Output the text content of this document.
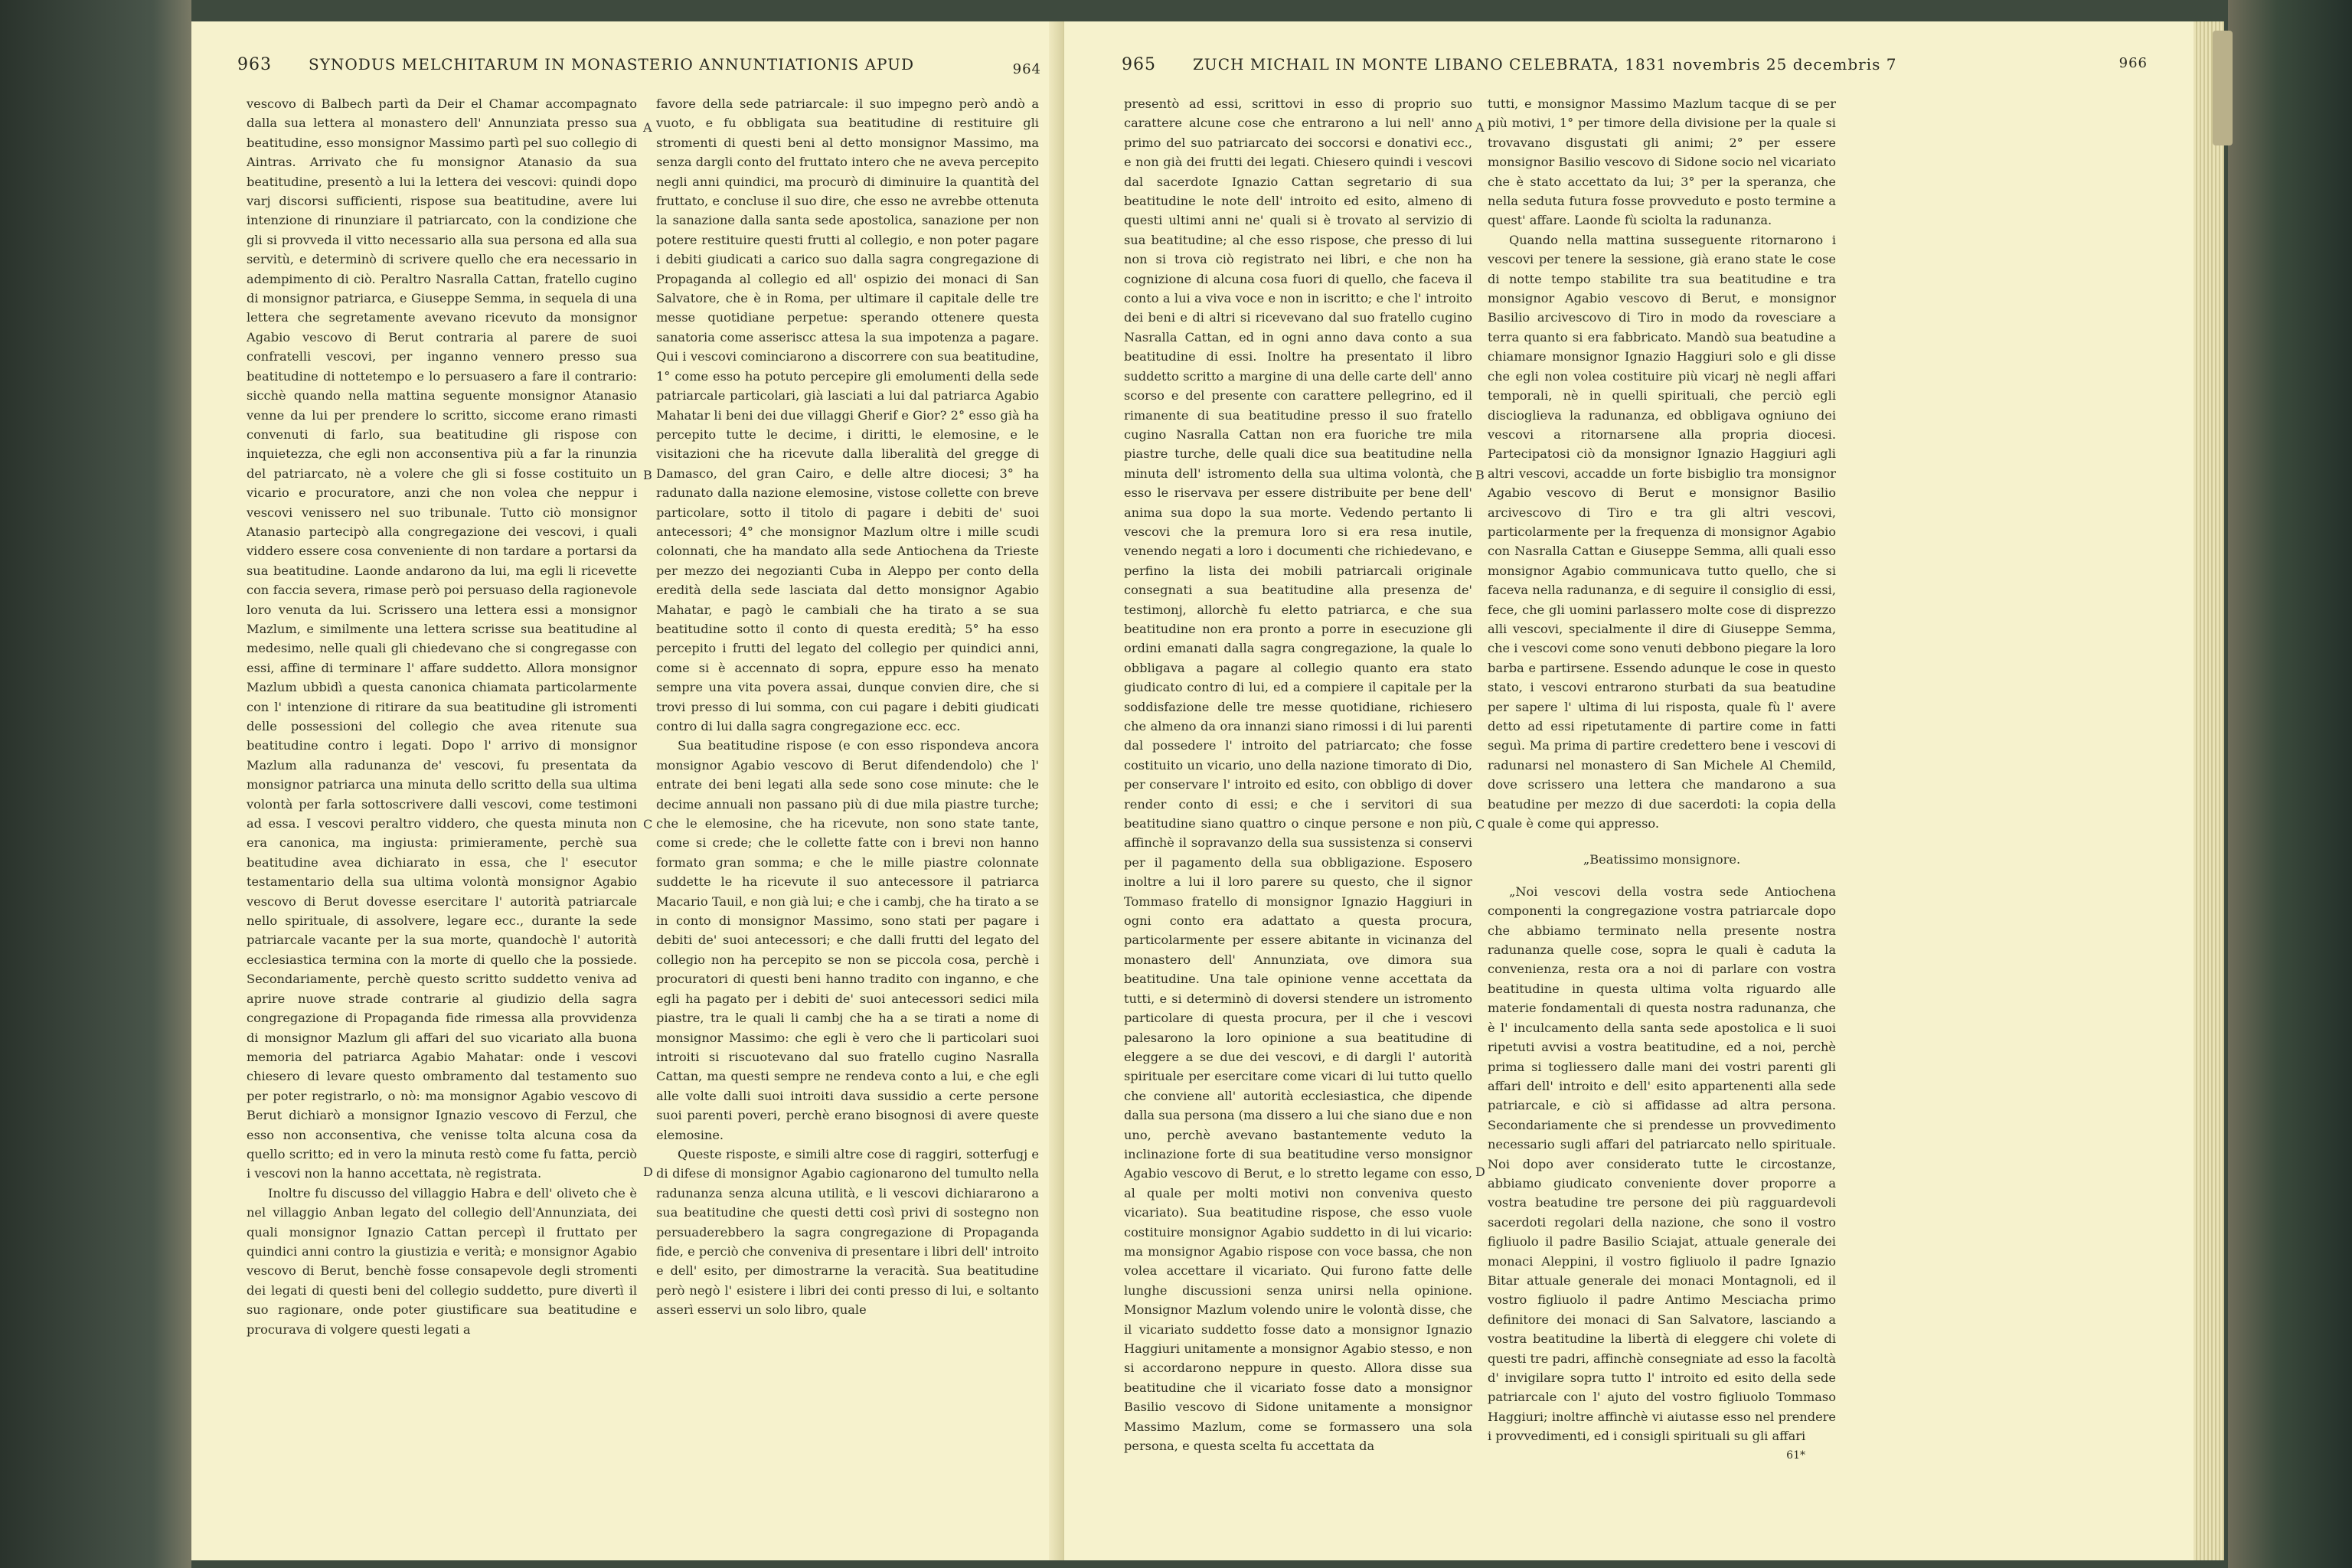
963 SYNODUS MELCHITARUM IN MONASTERIO ANNUNTIATIONIS APUD	964

vescovo di Balbech partì da Deir el Chamar accompagnato dalla sua lettera al monastero dell' Annunziata presso sua beatitudine, esso monsignor Massimo partì pel suo collegio di Aintras. Arrivato che fu monsignor Atanasio da sua beatitudine, presentò a lui la lettera dei vescovi: quindi dopo varj discorsi sufficienti, rispose sua beatitudine, avere lui intenzione di rinunziare il patriarcato, con la condizione che gli si provveda il vitto necessario alla sua persona ed alla sua servitù, e determinò di scrivere quello che era necessario in adempimento di ciò. Peraltro Nasralla Cattan, fratello cugino di monsignor patriarca, e Giuseppe Semma, in sequela di una lettera che segretamente avevano ricevuto da monsignor Agabio vescovo di Berut contraria al parere de suoi confratelli vescovi, per inganno vennero presso sua beatitudine di nottetempo e lo persuasero a fare il contrario: sicchè quando nella mattina seguente monsignor Atanasio venne da lui per prendere lo scritto, siccome erano rimasti convenuti di farlo, sua beatitudine gli rispose con inquietezza, che egli non acconsentiva più a far la rinunzia del patriarcato, nè a volere che gli si fosse costituito un vicario e procuratore, anzi che non volea che neppur i vescovi venissero nel suo tribunale. Tutto ciò monsignor Atanasio partecipò alla congregazione dei vescovi, i quali viddero essere cosa conveniente di non tardare a portarsi da sua beatitudine. Laonde andarono da lui, ma egli li ricevette con faccia severa, rimase però poi persuaso della ragionevole loro venuta da lui. Scrissero una lettera essi a monsignor Mazlum, e similmente una lettera scrisse sua beatitudine al medesimo, nelle quali gli chiedevano che si congregasse con essi, affine di terminare l' affare suddetto. Allora monsignor Mazlum ubbidì a questa canonica chiamata particolarmente con l' intenzione di ritirare da sua beatitudine gli istromenti delle possessioni del collegio che avea ritenute sua beatitudine contro i legati. Dopo l' arrivo di monsignor Mazlum alla radunanza de' vescovi, fu presentata da monsignor patriarca una minuta dello scritto della sua ultima volontà per farla sottoscrivere dalli vescovi, come testimoni ad essa. I vescovi peraltro viddero, che questa minuta non era canonica, ma ingiusta: primieramente, perchè sua beatitudine avea dichiarato in essa, che l' esecutor testamentario della sua ultima volontà monsignor Agabio vescovo di Berut dovesse esercitare l' autorità patriarcale nello spirituale, di assolvere, legare ecc., durante la sede patriarcale vacante per la sua morte, quandochè l' autorità ecclesiastica termina con la morte di quello che la possiede. Secondariamente, perchè questo scritto suddetto veniva ad aprire nuove strade contrarie al giudizio della sagra congregazione di Propaganda fide rimessa alla provvidenza di monsignor Mazlum gli affari del suo vicariato alla buona memoria del patriarca Agabio Mahatar: onde i vescovi chiesero di levare questo ombramento dal testamento suo per poter registrarlo, o nò: ma monsignor Agabio vescovo di Berut dichiarò a monsignor Ignazio vescovo di Ferzul, che esso non acconsentiva, che venisse tolta alcuna cosa da quello scritto; ed in vero la minuta restò come fu fatta, perciò i vescovi non la hanno accettata, nè registrata.

Inoltre fu discusso del villaggio Habra e dell' oliveto che è nel villaggio Anban legato del collegio dell'Annunziata, dei quali monsignor Ignazio Cattan percepì il fruttato per quindici anni contro la giustizia e verità; e monsignor Agabio vescovo di Berut, benchè fosse consapevole degli stromenti dei legati di questi beni del collegio suddetto, pure divertì il suo ragionare, onde poter giustificare sua beatitudine e procurava di volgere questi legati a

favore della sede patriarcale: il suo impegno però andò a vuoto, e fu obbligata sua beatitudine di restituire gli stromenti di questi beni al detto monsignor Massimo, ma senza dargli conto del fruttato intero che ne aveva percepito negli anni quindici, ma procurò di diminuire la quantità del fruttato, e concluse il suo dire, che esso ne avrebbe ottenuta la sanazione dalla santa sede apostolica, sanazione per non potere restituire questi frutti al collegio, e non poter pagare i debiti giudicati a carico suo dalla sagra congregazione di Propaganda al collegio ed all' ospizio dei monaci di San Salvatore, che è in Roma, per ultimare il capitale delle tre messe quotidiane perpetue: sperando ottenere questa sanatoria come asseriscc attesa la sua impotenza a pagare. Qui i vescovi cominciarono a discorrere con sua beatitudine, 1° come esso ha potuto percepire gli emolumenti della sede patriarcale particolari, già lasciati a lui dal patriarca Agabio Mahatar li beni dei due villaggi Gherif e Gior? 2° esso già ha percepito tutte le decime, i diritti, le elemosine, e le visitazioni che ha ricevute dalla liberalità del gregge di Damasco, del gran Cairo, e delle altre diocesi; 3° ha radunato dalla nazione elemosine, vistose collette con breve particolare, sotto il titolo di pagare i debiti de' suoi antecessori; 4° che monsignor Mazlum oltre i mille scudi colonnati, che ha mandato alla sede Antiochena da Trieste per mezzo dei negozianti Cuba in Aleppo per conto della eredità della sede lasciata dal detto monsignor Agabio Mahatar, e pagò le cambiali che ha tirato a se sua beatitudine sotto il conto di questa eredità; 5° ha esso percepito i frutti del legato del collegio per quindici anni, come si è accennato di sopra, eppure esso ha menato sempre una vita povera assai, dunque convien dire, che si trovi presso di lui somma, con cui pagare i debiti giudicati contro di lui dalla sagra congregazione ecc. ecc.

Sua beatitudine rispose (e con esso rispondeva ancora monsignor Agabio vescovo di Berut difendendolo) che l' entrate dei beni legati alla sede sono cose minute: che le decime annuali non passano più di due mila piastre turche; che le elemosine, che ha ricevute, non sono state tante, come si crede; che le collette fatte con i brevi non hanno formato gran somma; e che le mille piastre colonnate suddette le ha ricevute il suo antecessore il patriarca Macario Tauil, e non già lui; e che i cambj, che ha tirato a se in conto di monsignor Massimo, sono stati per pagare i debiti de' suoi antecessori; e che dalli frutti del legato del collegio non ha percepito se non se piccola cosa, perchè i procuratori di questi beni hanno tradito con inganno, e che egli ha pagato per i debiti de' suoi antecessori sedici mila piastre, tra le quali li cambj che ha a se tirati a nome di monsignor Massimo: che egli è vero che li particolari suoi introiti si riscuotevano dal suo fratello cugino Nasralla Cattan, ma questi sempre ne rendeva conto a lui, e che egli alle volte dalli suoi introiti dava sussidio a certe persone suoi parenti poveri, perchè erano bisognosi di avere queste elemosine.

Queste risposte, e simili altre cose di raggiri, sotterfugj e di difese di monsignor Agabio cagionarono del tumulto nella radunanza senza alcuna utilità, e li vescovi dichiararono a sua beatitudine che questi detti così privi di sostegno non persuaderebbero la sagra congregazione di Propaganda fide, e perciò che conveniva di presentare i libri dell' introito e dell' esito, per dimostrarne la veracità. Sua beatitudine però negò l' esistere i libri dei conti presso di lui, e soltanto asserì esservi un solo libro, quale

A
B
C
D
965 ZUCH MICHAIL IN MONTE LIBANO CELEBRATA, 1831 novembris 25 decembris 7	966

presentò ad essi, scrittovi in esso di proprio suo carattere alcune cose che entrarono a lui nell' anno primo del suo patriarcato dei soccorsi e donativi ecc., e non già dei frutti dei legati. Chiesero quindi i vescovi dal sacerdote Ignazio Cattan segretario di sua beatitudine le note dell' introito ed esito, almeno di questi ultimi anni ne' quali si è trovato al servizio di sua beatitudine; al che esso rispose, che presso di lui non si trova ciò registrato nei libri, e che non ha cognizione di alcuna cosa fuori di quello, che faceva il conto a lui a viva voce e non in iscritto; e che l' introito dei beni e di altri si ricevevano dal suo fratello cugino Nasralla Cattan, ed in ogni anno dava conto a sua beatitudine di essi. Inoltre ha presentato il libro suddetto scritto a margine di una delle carte dell' anno scorso e del presente con carattere pellegrino, ed il rimanente di sua beatitudine presso il suo fratello cugino Nasralla Cattan non era fuoriche tre mila piastre turche, delle quali dice sua beatitudine nella minuta dell' istromento della sua ultima volontà, che esso le riservava per essere distribuite per bene dell' anima sua dopo la sua morte. Vedendo pertanto li vescovi che la premura loro si era resa inutile, venendo negati a loro i documenti che richiedevano, e perfino la lista dei mobili patriarcali originale consegnati a sua beatitudine alla presenza de' testimonj, allorchè fu eletto patriarca, e che sua beatitudine non era pronto a porre in esecuzione gli ordini emanati dalla sagra congregazione, la quale lo obbligava a pagare al collegio quanto era stato giudicato contro di lui, ed a compiere il capitale per la soddisfazione delle tre messe quotidiane, richiesero che almeno da ora innanzi siano rimossi i di lui parenti dal possedere l' introito del patriarcato; che fosse costituito un vicario, uno della nazione timorato di Dio, per conservare l' introito ed esito, con obbligo di dover render conto di essi; e che i servitori di sua beatitudine siano quattro o cinque persone e non più, affinchè il sopravanzo della sua sussistenza si conservi per il pagamento della sua obbligazione. Esposero inoltre a lui il loro parere su questo, che il signor Tommaso fratello di monsignor Ignazio Haggiuri in ogni conto era adattato a questa procura, particolarmente per essere abitante in vicinanza del monastero dell' Annunziata, ove dimora sua beatitudine. Una tale opinione venne accettata da tutti, e si determinò di doversi stendere un istromento particolare di questa procura, per il che i vescovi palesarono la loro opinione a sua beatitudine di eleggere a se due dei vescovi, e di dargli l' autorità spirituale per esercitare come vicari di lui tutto quello che conviene all' autorità ecclesiastica, che dipende dalla sua persona (ma dissero a lui che siano due e non uno, perchè avevano bastantemente veduto la inclinazione forte di sua beatitudine verso monsignor Agabio vescovo di Berut, e lo stretto legame con esso, al quale per molti motivi non conveniva questo vicariato). Sua beatitudine rispose, che esso vuole costituire monsignor Agabio suddetto in di lui vicario: ma monsignor Agabio rispose con voce bassa, che non volea accettare il vicariato. Qui furono fatte delle lunghe discussioni senza unirsi nella opinione. Monsignor Mazlum volendo unire le volontà disse, che il vicariato suddetto fosse dato a monsignor Ignazio Haggiuri unitamente a monsignor Agabio stesso, e non si accordarono neppure in questo. Allora disse sua beatitudine che il vicariato fosse dato a monsignor Basilio vescovo di Sidone unitamente a monsignor Massimo Mazlum, come se formassero una sola persona, e questa scelta fu accettata da

tutti, e monsignor Massimo Mazlum tacque di se per più motivi, 1° per timore della divisione per la quale si trovavano disgustati gli animi; 2° per essere monsignor Basilio vescovo di Sidone socio nel vicariato che è stato accettato da lui; 3° per la speranza, che nella seduta futura fosse provveduto e posto termine a quest' affare. Laonde fù sciolta la radunanza.

Quando nella mattina susseguente ritornarono i vescovi per tenere la sessione, già erano state le cose di notte tempo stabilite tra sua beatitudine e tra monsignor Agabio vescovo di Berut, e monsignor Basilio arcivescovo di Tiro in modo da rovesciare a terra quanto si era fabbricato. Mandò sua beatudine a chiamare monsignor Ignazio Haggiuri solo e gli disse che egli non volea costituire più vicarj nè negli affari temporali, nè in quelli spirituali, che perciò egli discioglieva la radunanza, ed obbligava ogniuno dei vescovi a ritornarsene alla propria diocesi. Partecipatosi ciò da monsignor Ignazio Haggiuri agli altri vescovi, accadde un forte bisbiglio tra monsignor Agabio vescovo di Berut e monsignor Basilio arcivescovo di Tiro e tra gli altri vescovi, particolarmente per la frequenza di monsignor Agabio con Nasralla Cattan e Giuseppe Semma, alli quali esso monsignor Agabio communicava tutto quello, che si faceva nella radunanza, e di seguire il consiglio di essi, fece, che gli uomini parlassero molte cose di disprezzo alli vescovi, specialmente il dire di Giuseppe Semma, che i vescovi come sono venuti debbono piegare la loro barba e partirsene. Essendo adunque le cose in questo stato, i vescovi entrarono sturbati da sua beatudine per sapere l' ultima di lui risposta, quale fù l' avere detto ad essi ripetutamente di partire come in fatti seguì. Ma prima di partire credettero bene i vescovi di radunarsi nel monastero di San Michele Al Chemild, dove scrissero una lettera che mandarono a sua beatudine per mezzo di due sacerdoti: la copia della quale è come qui appresso.

„Beatissimo monsignore.

„Noi vescovi della vostra sede Antiochena componenti la congregazione vostra patriarcale dopo che abbiamo terminato nella presente nostra radunanza quelle cose, sopra le quali è caduta la convenienza, resta ora a noi di parlare con vostra beatitudine in questa ultima volta riguardo alle materie fondamentali di questa nostra radunanza, che è l' inculcamento della santa sede apostolica e li suoi ripetuti avvisi a vostra beatitudine, ed a noi, perchè prima si togliessero dalle mani dei vostri parenti gli affari dell' introito e dell' esito appartenenti alla sede patriarcale, e ciò si affidasse ad altra persona. Secondariamente che si prendesse un provvedimento necessario sugli affari del patriarcato nello spirituale. Noi dopo aver considerato tutte le circostanze, abbiamo giudicato conveniente dover proporre a vostra beatudine tre persone dei più ragguardevoli sacerdoti regolari della nazione, che sono il vostro figliuolo il padre Basilio Sciajat, attuale generale dei monaci Aleppini, il vostro figliuolo il padre Ignazio Bitar attuale generale dei monaci Montagnoli, ed il vostro figliuolo il padre Antimo Mesciacha primo definitore dei monaci di San Salvatore, lasciando a vostra beatitudine la libertà di eleggere chi volete di questi tre padri, affinchè consegniate ad esso la facoltà d' invigilare sopra tutto l' introito ed esito della sede patriarcale con l' ajuto del vostro figliuolo Tommaso Haggiuri; inoltre affinchè vi aiutasse esso nel prendere i provvedimenti, ed i consigli spirituali su gli affari

61*

A
B
C
D
